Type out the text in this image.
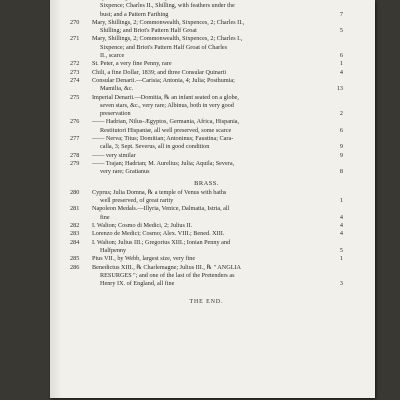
Sixpence; Charles II., Shilling, with feathers under the
bust; and a Pattern Farthing	7
270	Mary, Shillings, 2; Commonwealth, Sixpences, 2; Charles II.,
Shilling; and Briot's Pattern Half Groat	5
271	Mary, Shillings, 2; Commonwealth, Sixpences, 2; Charles I.,
Sixpence; and Briot's Pattern Half Groat of Charles
II., scarce	6
272	St. Peter, a very fine Penny, rare	1
273	Chili, a fine Dollar, 1839; and three Consular Quinarii	4
274	Consular Denarii.—Carisia; Antonia, 4; Julia; Posthumia;
Mamilia, &c.	13
275	Imperial Denarii.—Domitia, ℞ an infant seated on a globe,
seven stars, &c., very rare; Albinus, both in very good
preservation	2
276	—— Hadrian, Nilus-Ægyptos, Germania, Africa, Hispania,
Restitutori Hispaniæ, all well preserved, some scarce	6
277	—— Nerva; Titus; Domitian; Antoninus; Faustina; Cara-
calla, 3; Sept. Severus, all in good condition	9
278	—— very similar	9
279	—— Trajan; Hadrian; M. Aurelius; Julia; Aquila; Severa,
very rare; Gratianus	8
BRASS.
280	Cyprus; Julia Domna, ℞ a temple of Venus with baths
well preserved, of great rarity	1
281	Napoleon Medals.—Illyria, Venice, Dalmatia, Istria, all
fine	4
282	I. Walton; Cosmo di Medici, 2; Julius II.	4
283	Lorenzo de Medici; Cosmo; Alex. VIII.; Bened. XIII.	4
284	I. Walton; Julius III.; Gregorius XIII.; Ionian Penny and
Halfpenny	5
285	Pius VII., by Webb, largest size, very fine	1
286	Benedictus XIII., ℞ Charlemagne; Julius III., ℞ " ANGLIA
RESURGES "; and one of the last of the Pretenders as
Henry IX. of England, all fine	3
THE END.
